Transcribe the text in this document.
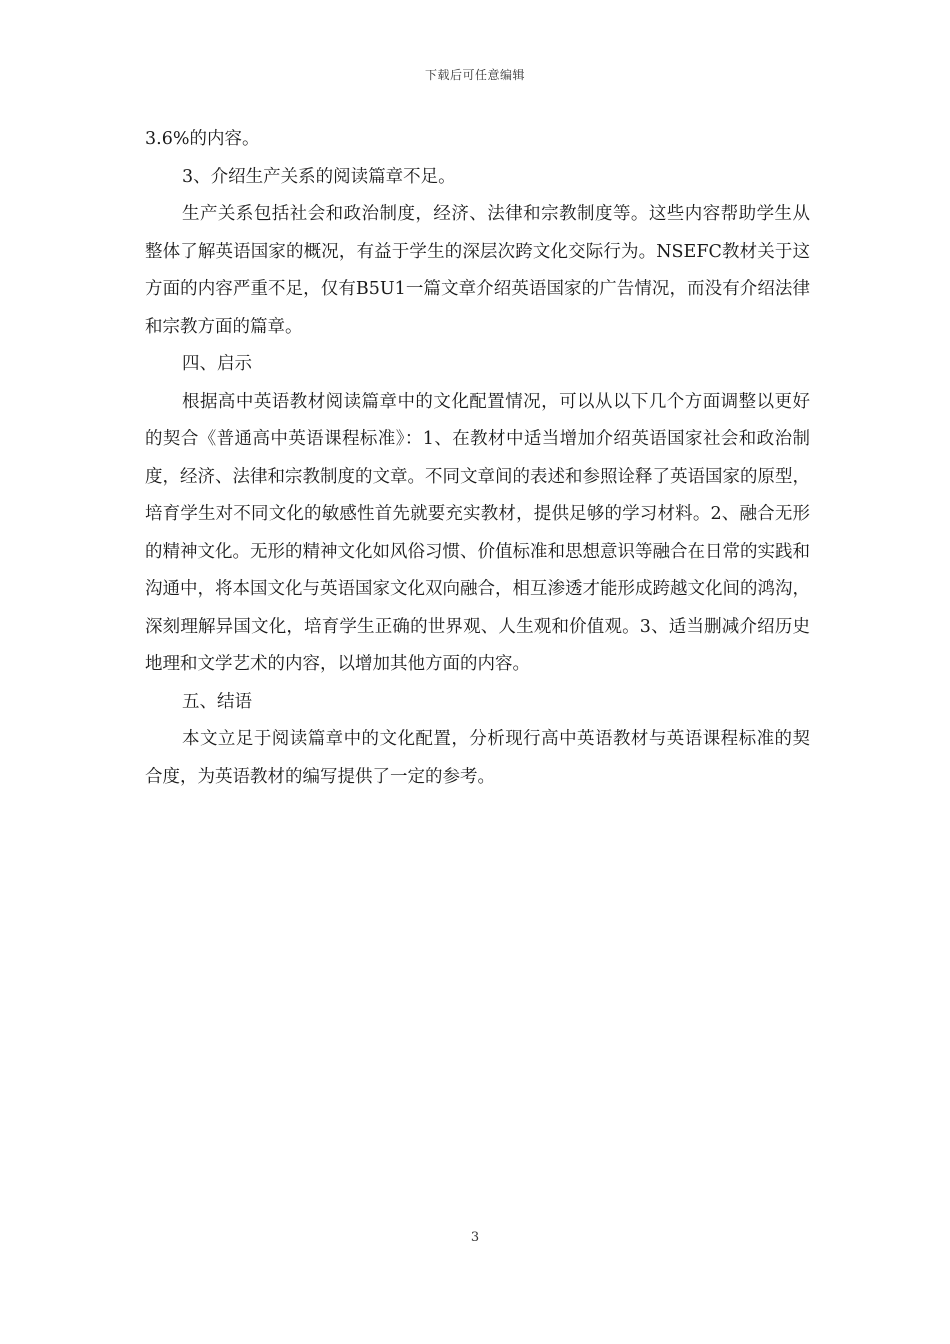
下载后可任意编辑

3.6%的内容。

3、介绍生产关系的阅读篇章不足。

生产关系包括社会和政治制度，经济、法律和宗教制度等。这些内容帮助学生从整体了解英语国家的概况，有益于学生的深层次跨文化交际行为。NSEFC教材关于这方面的内容严重不足，仅有B5U1一篇文章介绍英语国家的广告情况，而没有介绍法律和宗教方面的篇章。

四、启示

根据高中英语教材阅读篇章中的文化配置情况，可以从以下几个方面调整以更好的契合《普通高中英语课程标准》：1、在教材中适当增加介绍英语国家社会和政治制度，经济、法律和宗教制度的文章。不同文章间的表述和参照诠释了英语国家的原型，培育学生对不同文化的敏感性首先就要充实教材，提供足够的学习材料。2、融合无形的精神文化。无形的精神文化如风俗习惯、价值标准和思想意识等融合在日常的实践和沟通中，将本国文化与英语国家文化双向融合，相互渗透才能形成跨越文化间的鸿沟，深刻理解异国文化，培育学生正确的世界观、人生观和价值观。3、适当删减介绍历史地理和文学艺术的内容，以增加其他方面的内容。

五、结语

本文立足于阅读篇章中的文化配置，分析现行高中英语教材与英语课程标准的契合度，为英语教材的编写提供了一定的参考。

3
